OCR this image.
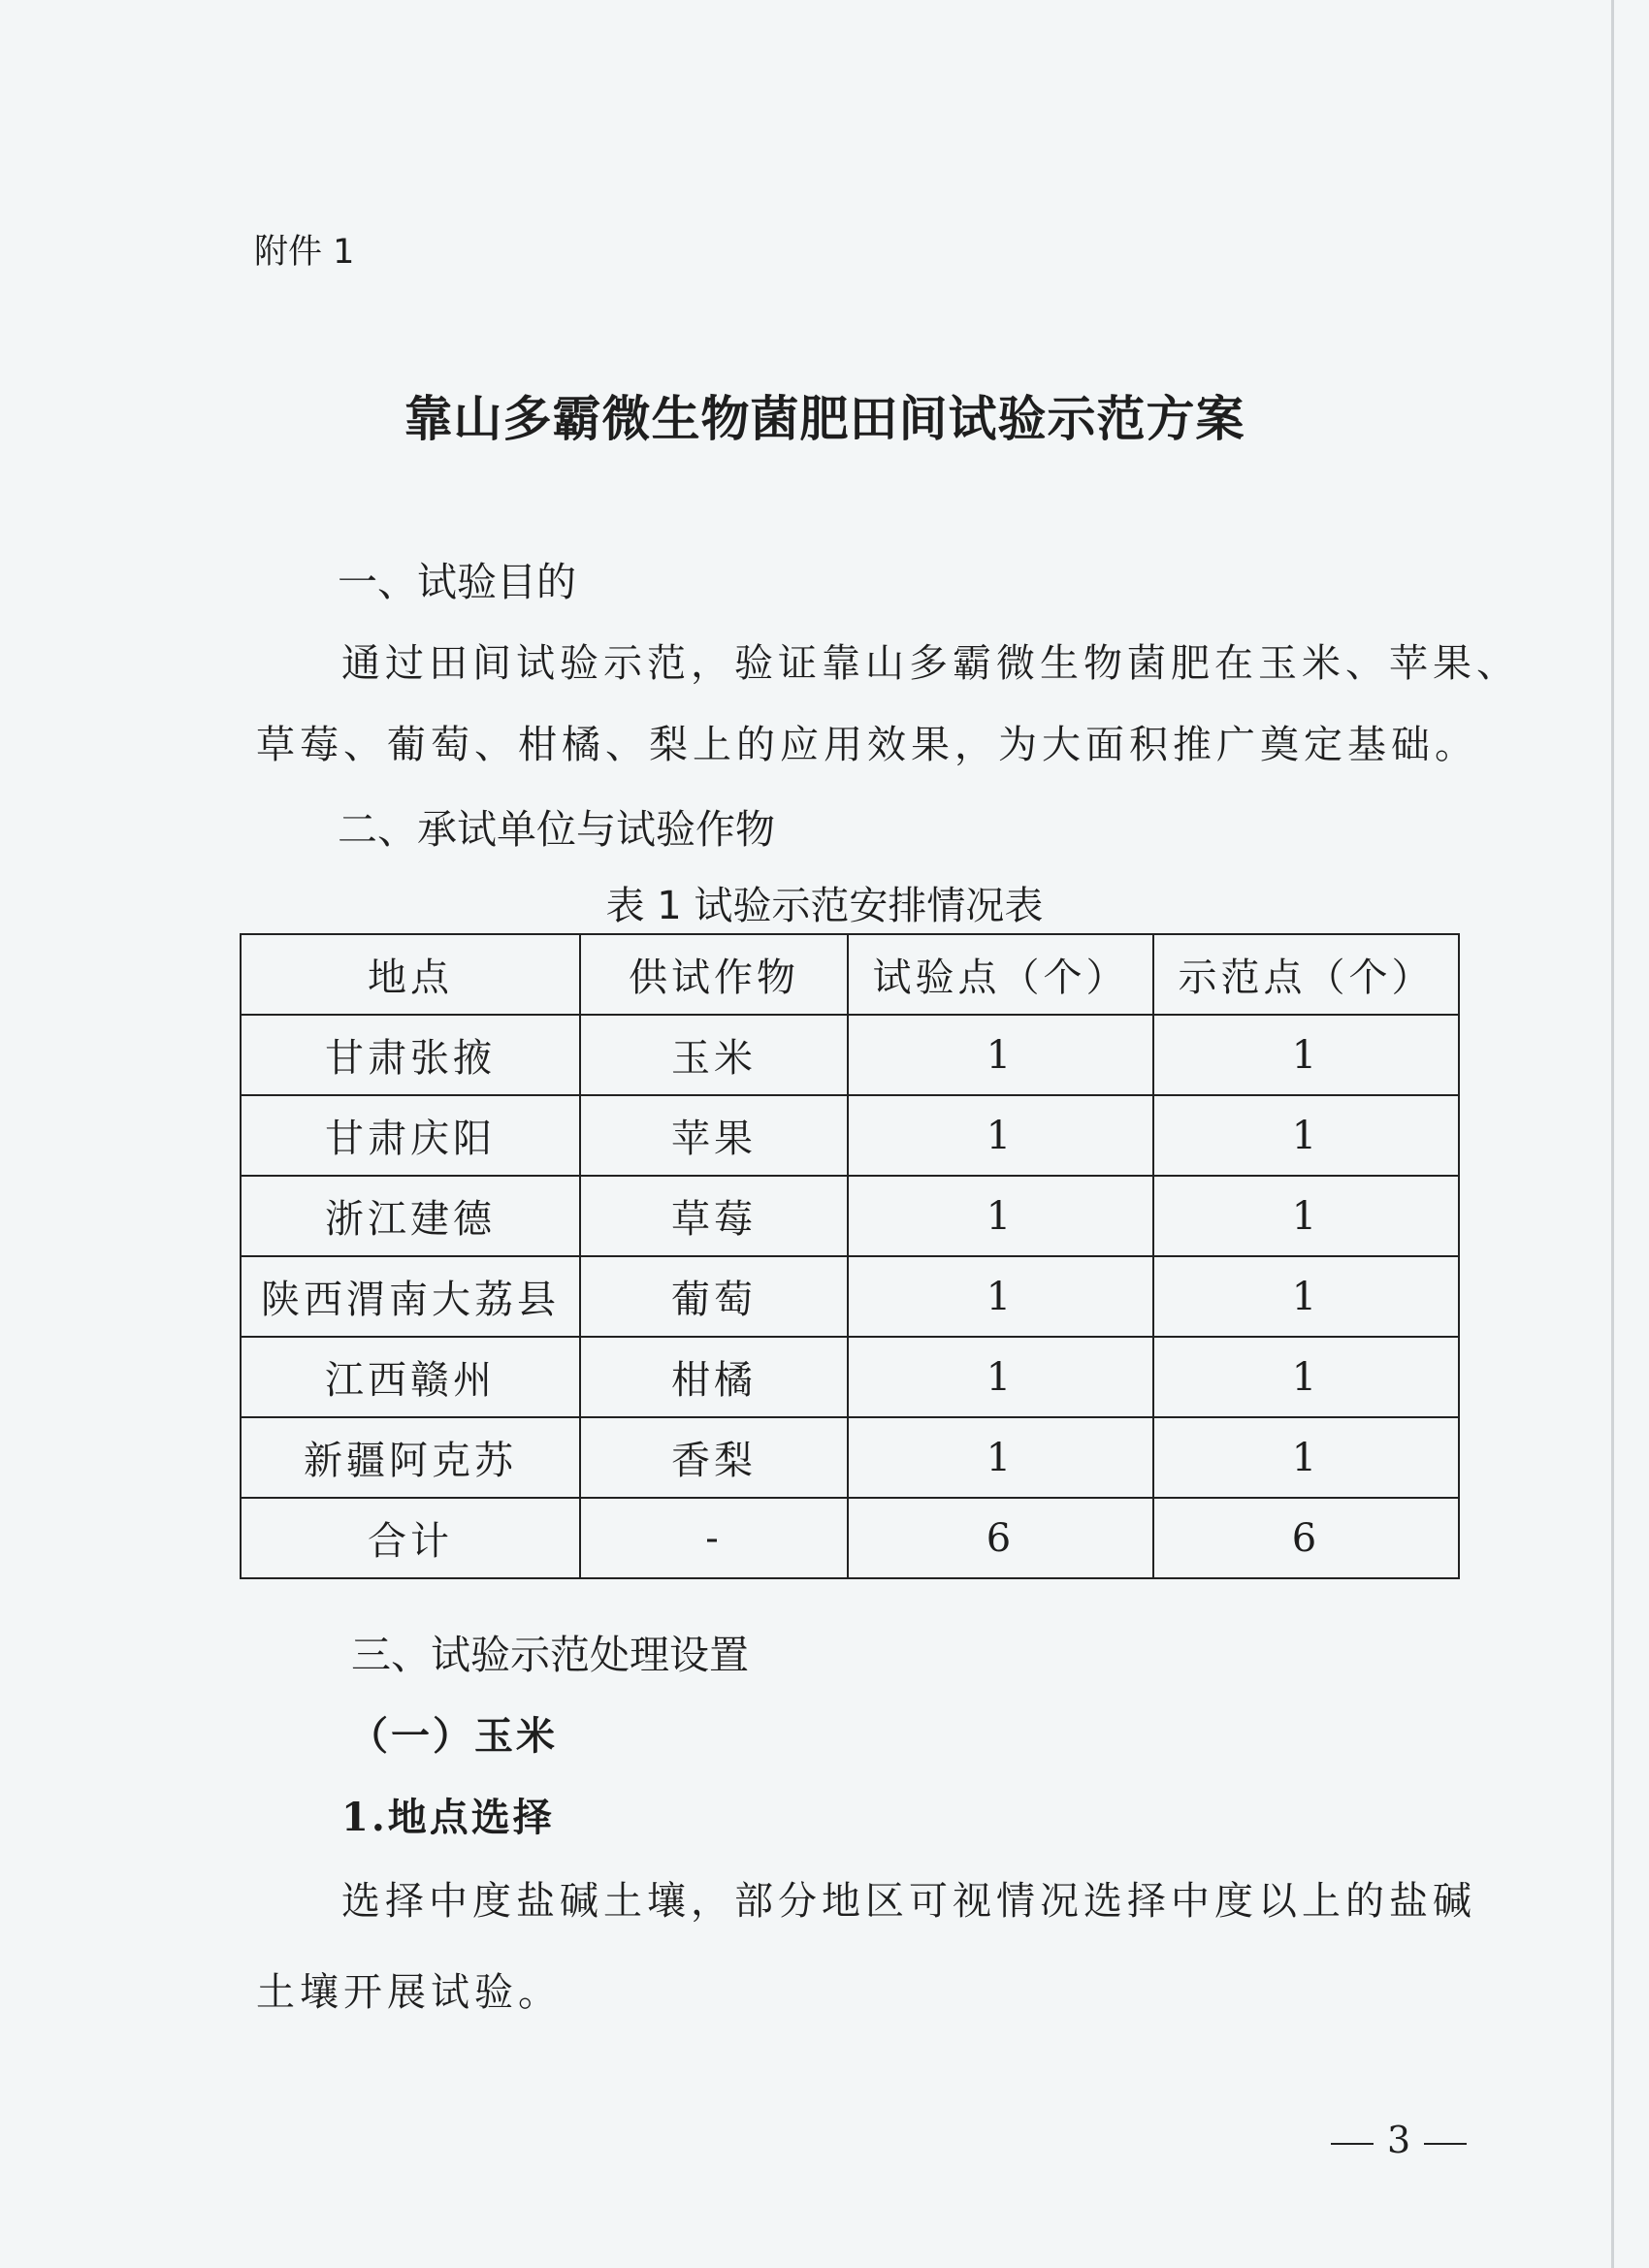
附件 1
靠山多霸微生物菌肥田间试验示范方案
一、试验目的
通过田间试验示范，验证靠山多霸微生物菌肥在玉米、苹果、
草莓、葡萄、柑橘、梨上的应用效果，为大面积推广奠定基础。
二、承试单位与试验作物
表 1 试验示范安排情况表
地点	供试作物	试验点（个）	示范点（个）
甘肃张掖	玉米	1	1
甘肃庆阳	苹果	1	1
浙江建德	草莓	1	1
陕西渭南大荔县	葡萄	1	1
江西赣州	柑橘	1	1
新疆阿克苏	香梨	1	1
合计	-	6	6
三、试验示范处理设置
（一）玉米
1.地点选择
选择中度盐碱土壤，部分地区可视情况选择中度以上的盐碱
土壤开展试验。
3
